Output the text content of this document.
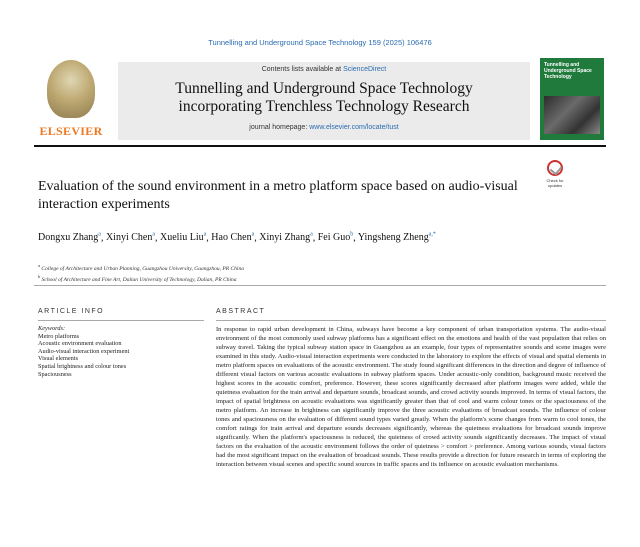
Tunnelling and Underground Space Technology 159 (2025) 106476
ELSEVIER
Contents lists available at ScienceDirect
Tunnelling and Underground Space Technology
incorporating Trenchless Technology Research
journal homepage: www.elsevier.com/locate/tust
Tunnelling and Underground Space Technology
Evaluation of the sound environment in a metro platform space based on audio-visual interaction experiments
Check for updates
Dongxu Zhang$^a$, Xinyi Chen$^a$, Xueliu Liu$^a$, Hao Chen$^a$, Xinyi Zhang$^a$, Fei Guo$^b$, Yingsheng Zheng$^{a,*}$
$^a$ College of Architecture and Urban Planning, Guangzhou University, Guangzhou, PR China
$^b$ School of Architecture and Fine Art, Dalian University of Technology, Dalian, PR China
ARTICLE INFO
Keywords:
Metro platforms
Acoustic environment evaluation
Audio-visual interaction experiment
Visual elements
Spatial brightness and colour tones
Spaciousness
ABSTRACT
In response to rapid urban development in China, subways have become a key component of urban transportation systems. The audio-visual environment of the most commonly used subway platforms has a significant effect on the emotions and health of the vast population that relies on subway travel. Taking the typical subway station space in Guangzhou as an example, four types of representative sounds and scene images were examined in this study. Audio-visual interaction experiments were conducted in the laboratory to explore the effects of visual and spatial elements in metro platform spaces on evaluations of the acoustic environment. The study found significant differences in the direction and degree of influence of different visual factors on various acoustic evaluations in subway platform spaces. Under acoustic-only condition, background music received the highest scores in the acoustic comfort, preference. However, these scores significantly decreased after platform images were added, while the quietness evaluation for the train arrival and departure sounds, broadcast sounds, and crowd activity sounds improved. In terms of visual factors, the impact of spatial brightness on acoustic evaluations was significantly greater than that of cool and warm colour tones or the spaciousness of the metro platform. An increase in brightness can significantly improve the three acoustic evaluations of broadcast sounds. The influence of colour tones and spaciousness on the evaluation of different sound types varied greatly. When the platform's scene changes from warm to cool tones, the comfort ratings for train arrival and departure sounds decreases significantly, whereas the quietness evaluations for broadcast sounds improve significantly. When the platform's spaciousness is reduced, the quietness of crowd activity sounds significantly decreases. The impact of visual factors on the evaluation of the acoustic environment follows the order of quietness > comfort > preference. Among various sounds, visual factors had the most significant impact on the evaluation of broadcast sounds. These results provide a direction for future research in terms of exploring the interaction between visual scenes and specific sound sources in traffic spaces and its influence on acoustic evaluation mechanisms.
